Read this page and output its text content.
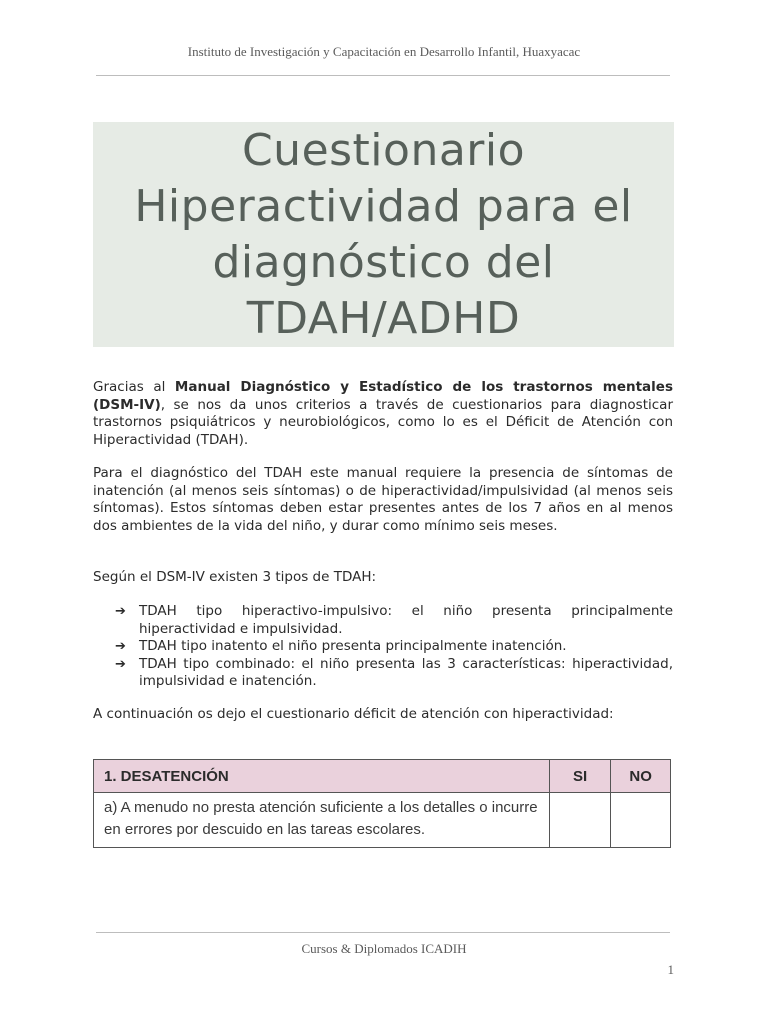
Instituto de Investigación y Capacitación en Desarrollo Infantil, Huaxyacac
Cuestionario
Hiperactividad para el
diagnóstico del
TDAH/ADHD

Gracias al Manual Diagnóstico y Estadístico de los trastornos mentales (DSM-IV), se nos da unos criterios a través de cuestionarios para diagnosticar trastornos psiquiátricos y neurobiológicos, como lo es el Déficit de Atención con Hiperactividad (TDAH).

Para el diagnóstico del TDAH este manual requiere la presencia de síntomas de inatención (al menos seis síntomas) o de hiperactividad/impulsividad (al menos seis síntomas). Estos síntomas deben estar presentes antes de los 7 años en al menos dos ambientes de la vida del niño, y durar como mínimo seis meses.
Según el DSM-IV existen 3 tipos de TDAH:
➔ TDAH tipo hiperactivo-impulsivo: el niño presenta principalmente hiperactividad e impulsividad.
➔ TDAH tipo inatento el niño presenta principalmente inatención.
➔ TDAH tipo combinado: el niño presenta las 3 características: hiperactividad, impulsividad e inatención.
A continuación os dejo el cuestionario déficit de atención con hiperactividad:
1. DESATENCIÓN	SI	NO
a) A menudo no presta atención suficiente a los detalles o incurre en errores por descuido en las tareas escolares.		
Cursos & Diplomados ICADIH
1
